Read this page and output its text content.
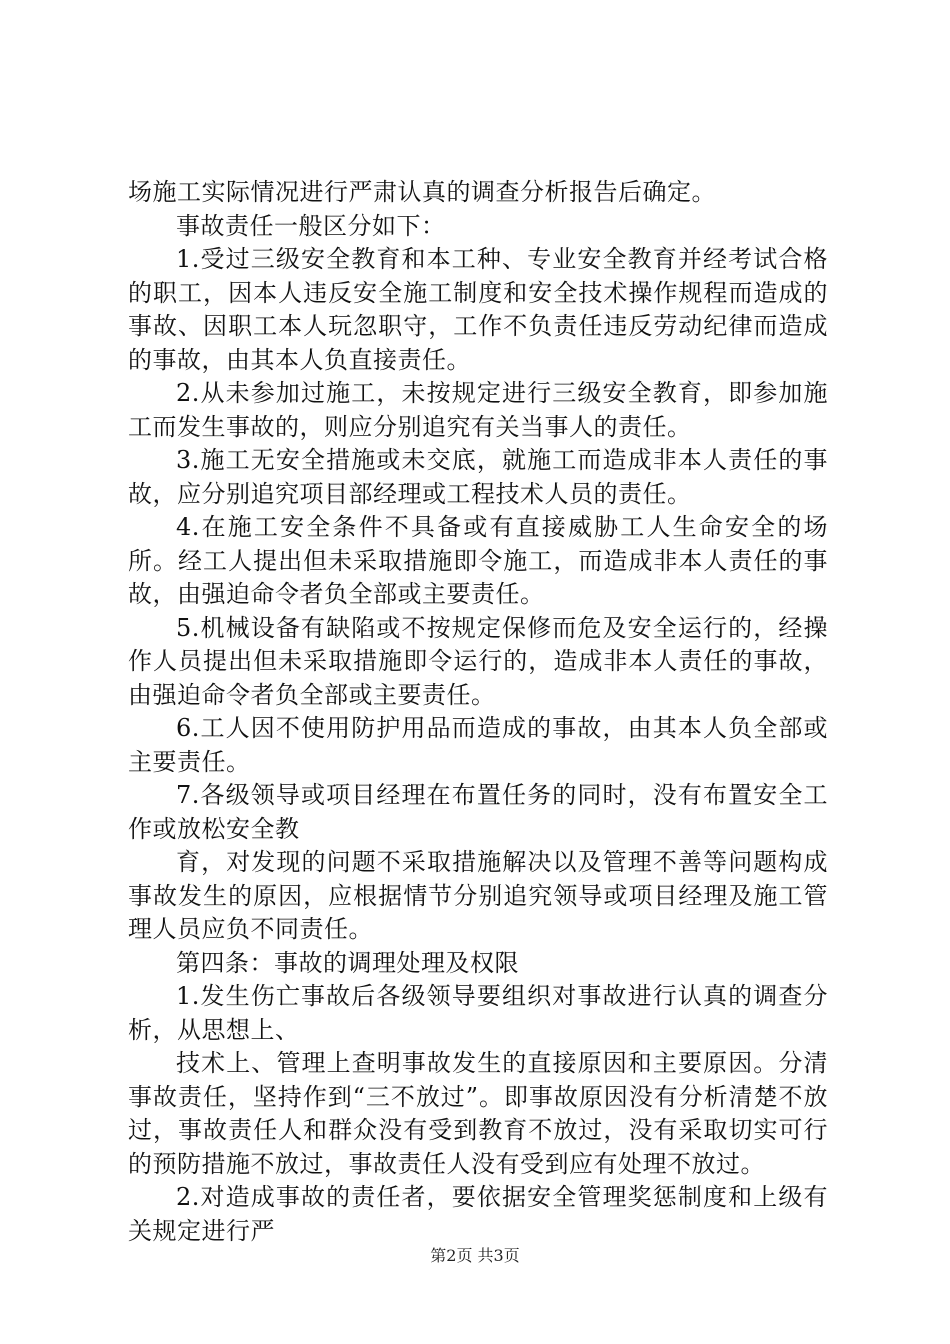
场施工实际情况进行严肃认真的调查分析报告后确定。

事故责任一般区分如下：

1.受过三级安全教育和本工种、专业安全教育并经考试合格的职工，因本人违反安全施工制度和安全技术操作规程而造成的事故、因职工本人玩忽职守，工作不负责任违反劳动纪律而造成的事故，由其本人负直接责任。

2.从未参加过施工，未按规定进行三级安全教育，即参加施工而发生事故的，则应分别追究有关当事人的责任。

3.施工无安全措施或未交底，就施工而造成非本人责任的事故，应分别追究项目部经理或工程技术人员的责任。

4.在施工安全条件不具备或有直接威胁工人生命安全的场所。经工人提出但未采取措施即令施工，而造成非本人责任的事故，由强迫命令者负全部或主要责任。

5.机械设备有缺陷或不按规定保修而危及安全运行的，经操作人员提出但未采取措施即令运行的，造成非本人责任的事故，由强迫命令者负全部或主要责任。

6.工人因不使用防护用品而造成的事故，由其本人负全部或主要责任。

7.各级领导或项目经理在布置任务的同时，没有布置安全工作或放松安全教

育，对发现的问题不采取措施解决以及管理不善等问题构成事故发生的原因，应根据情节分别追究领导或项目经理及施工管理人员应负不同责任。

第四条：事故的调理处理及权限

1.发生伤亡事故后各级领导要组织对事故进行认真的调查分析，从思想上、

技术上、管理上查明事故发生的直接原因和主要原因。分清事故责任，坚持作到“三不放过”。即事故原因没有分析清楚不放过，事故责任人和群众没有受到教育不放过，没有采取切实可行的预防措施不放过，事故责任人没有受到应有处理不放过。

2.对造成事故的责任者，要依据安全管理奖惩制度和上级有关规定进行严

第2页 共3页
